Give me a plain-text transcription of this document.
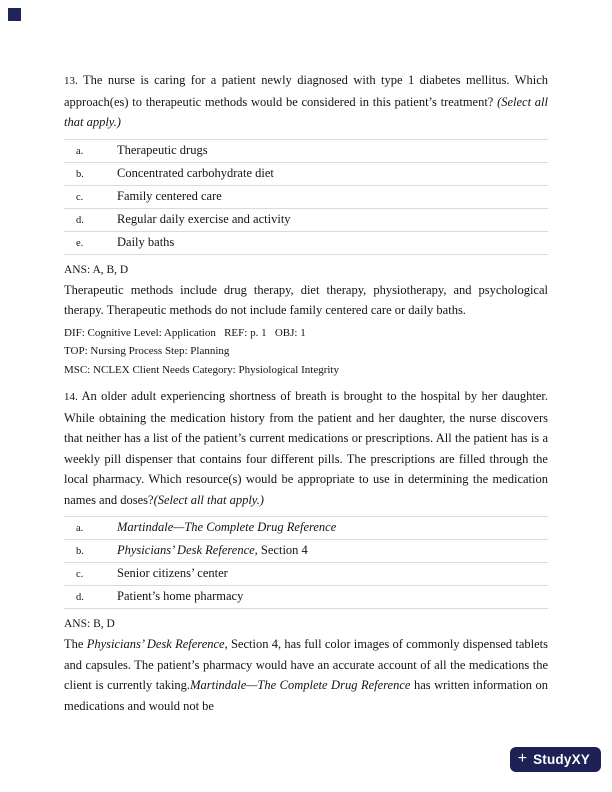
13. The nurse is caring for a patient newly diagnosed with type 1 diabetes mellitus. Which approach(es) to therapeutic methods would be considered in this patient’s treatment? (Select all that apply.)

a.	Therapeutic drugs
b.	Concentrated carbohydrate diet
c.	Family centered care
d.	Regular daily exercise and activity
e.	Daily baths

ANS: A, B, D

Therapeutic methods include drug therapy, diet therapy, physiotherapy, and psychological therapy. Therapeutic methods do not include family centered care or daily baths.

DIF: Cognitive Level: Application   REF: p. 1   OBJ: 1

TOP: Nursing Process Step: Planning

MSC: NCLEX Client Needs Category: Physiological Integrity

14. An older adult experiencing shortness of breath is brought to the hospital by her daughter. While obtaining the medication history from the patient and her daughter, the nurse discovers that neither has a list of the patient’s current medications or prescriptions. All the patient has is a weekly pill dispenser that contains four different pills. The prescriptions are filled through the local pharmacy. Which resource(s) would be appropriate to use in determining the medication names and doses?(Select all that apply.)

a.	Martindale—The Complete Drug Reference
b.	Physicians’ Desk Reference, Section 4
c.	Senior citizens’ center
d.	Patient’s home pharmacy

ANS: B, D

The Physicians’ Desk Reference, Section 4, has full color images of commonly dispensed tablets and capsules. The patient’s pharmacy would have an accurate account of all the medications the client is currently taking.Martindale—The Complete Drug Reference has written information on medications and would not be

+ StudyXY
